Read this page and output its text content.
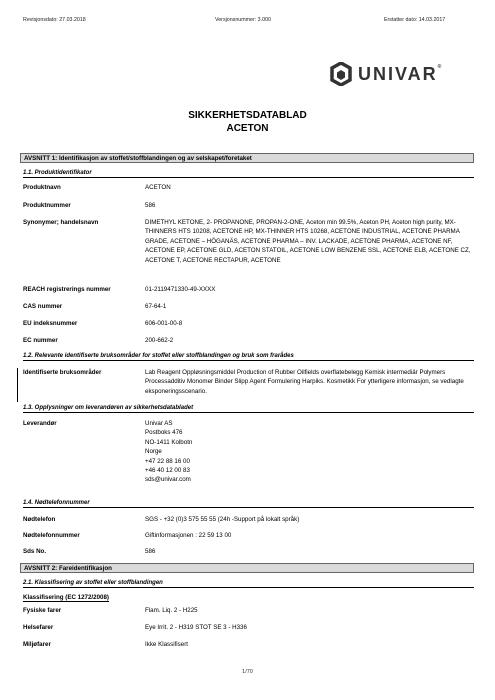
Revisjonsdato: 27.03.2018	Versjonsnummer: 3.000	Erstatter dato: 14.03.2017
UNIVAR®
SIKKERHETSDATABLAD
ACETON
AVSNITT 1: Identifikasjon av stoffet/stoffblandingen og av selskapet/foretaket
1.1. Produktidentifikator
Produktnavn	ACETON
Produktnummer	586
Synonymer; handelsnavn	DIMETHYL KETONE, 2- PROPANONE, PROPAN-2-ONE, Aceton min 99.5%, Aceton PH, Aceton high purity, MX-THINNERS HTS 10208, ACETONE HP, MX-THINNER HTS 10268, ACETONE INDUSTRIAL, ACETONE PHARMA GRADE, ACETONE – HÖGANÄS, ACETONE PHARMA – INV. LACKADE, ACETONE PHARMA, ACETONE NF, ACETONE EP, ACETONE GLD, ACETON STATOIL, ACETONE LOW BENZENE SSL, ACETONE ELB, ACETONE CZ, ACETONE T, ACETONE RECTAPUR, ACETONE
REACH registrerings nummer	01-2119471330-49-XXXX
CAS nummer	67-64-1
EU indeksnummer	606-001-00-8
EC nummer	200-662-2
1.2. Relevante identifiserte bruksområder for stoffet eller stoffblandingen og bruk som frarådes
Identifiserte bruksområder	Lab Reagent Oppløsningsmiddel Production of Rubber Oilfields overflatebelegg Kemisk intermediär Polymers Processadditiv Monomer Binder Slipp Agent Formulering Harpiks. Kosmetikk For ytterligere informasjon, se vedlagte eksponeringsscenario.
1.3. Opplysninger om leverandøren av sikkerhetsdatabladet
Leverandør	Univar AS
Postboks 476
NO-1411 Kolbotn
Norge
+47 22 88 16 00
+46 40 12 00 83
sds@univar.com
1.4. Nødtelefonnummer
Nødtelefon	SGS - +32 (0)3 575 55 55 (24h -Support på lokalt språk)
Nødtelefonnummer	Giftinformasjonen : 22 59 13 00
Sds No.	586
AVSNITT 2: Fareidentifikasjon
2.1. Klassifisering av stoffet eller stoffblandingen
Klassifisering (EC 1272/2008)
Fysiske farer	Flam. Liq. 2 - H225
Helsefarer	Eye Irrit. 2 - H319 STOT SE 3 - H336
Miljøfarer	Ikke Klassifisert
1/70
